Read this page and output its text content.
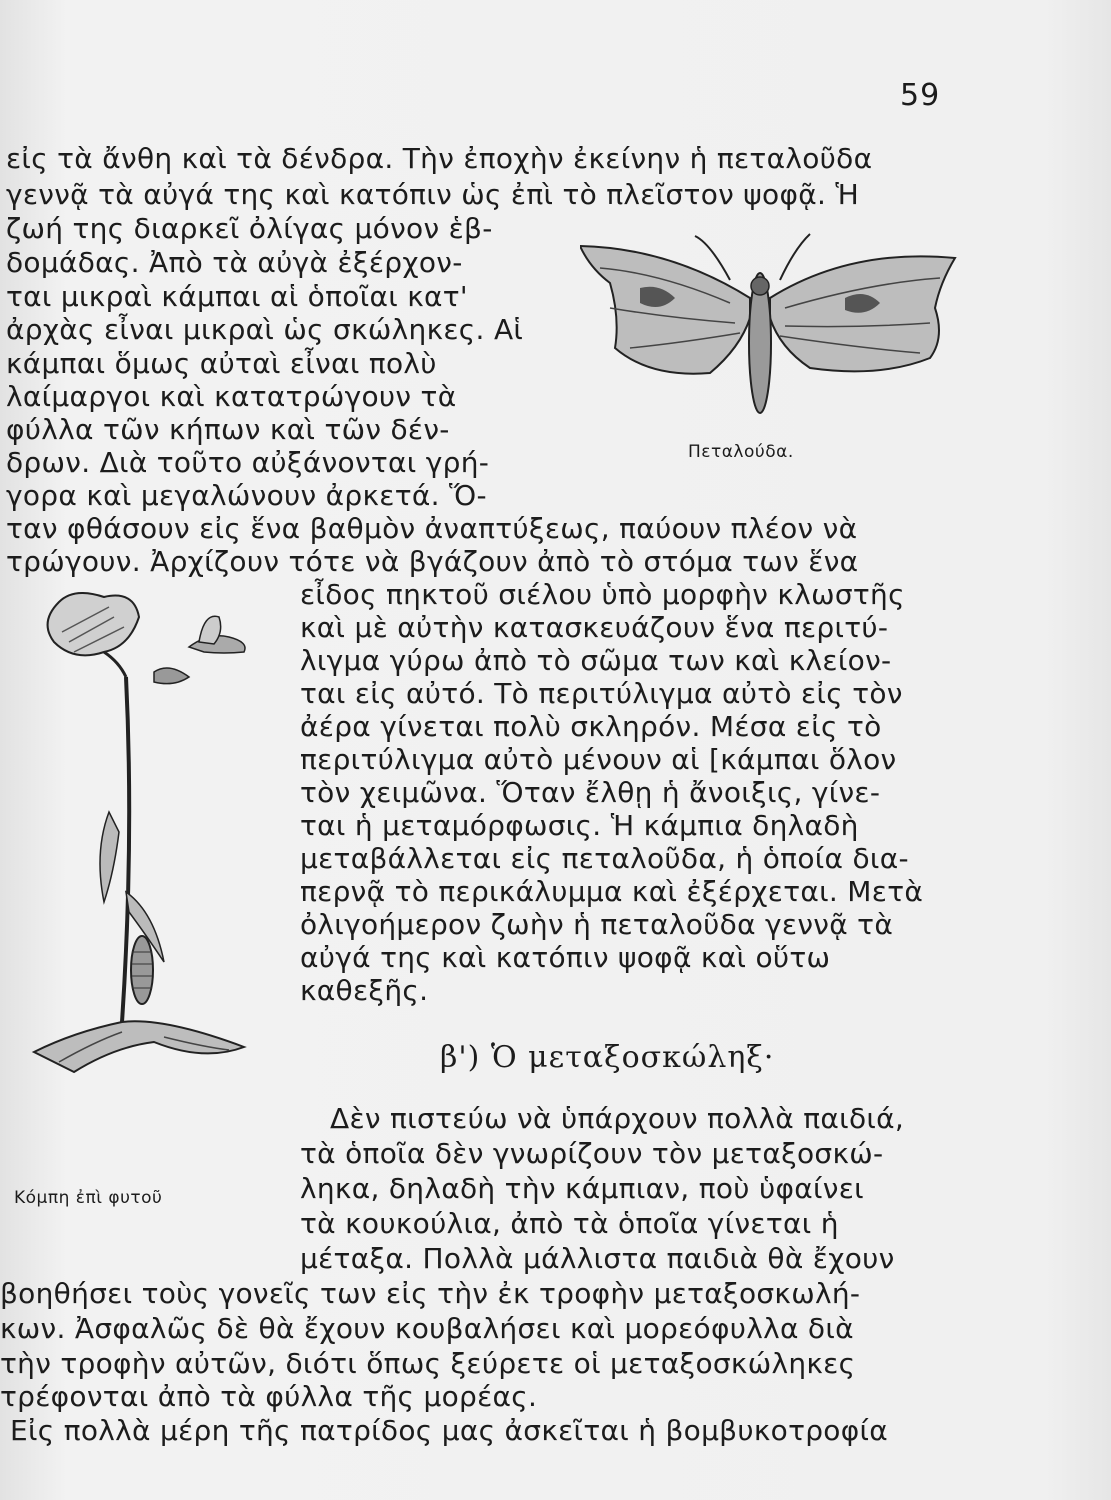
59
εἰς τὰ ἄνθη καὶ τὰ δένδρα. Τὴν ἐποχὴν ἐκείνην ἡ πεταλοῦδα
γεννᾷ τὰ αὐγά της καὶ κατόπιν ὡς ἐπὶ τὸ πλεῖστον ψοφᾷ. Ἡ
ζωή της διαρκεῖ ὀλίγας μόνον ἑβ-
δομάδας. Ἀπὸ τὰ αὐγὰ ἐξέρχον-
ται μικραὶ κάμπαι αἱ ὁποῖαι κατ'
ἀρχὰς εἶναι μικραὶ ὡς σκώληκες. Αἱ
κάμπαι ὅμως αὐταὶ εἶναι πολὺ
λαίμαργοι καὶ κατατρώγουν τὰ
φύλλα τῶν κήπων καὶ τῶν δέν-
δρων. Διὰ τοῦτο αὐξάνονται γρή-
γορα καὶ μεγαλώνουν ἀρκετά. Ὅ-
ταν φθάσουν εἰς ἕνα βαθμὸν ἀναπτύξεως, παύουν πλέον νὰ
τρώγουν. Ἀρχίζουν τότε νὰ βγάζουν ἀπὸ τὸ στόμα των ἕνα
Πεταλούδα.
Κόμπη ἐπὶ φυτοῦ
εἶδος πηκτοῦ σιέλου ὑπὸ μορφὴν κλωστῆς
καὶ μὲ αὐτὴν κατασκευάζουν ἕνα περιτύ-
λιγμα γύρω ἀπὸ τὸ σῶμα των καὶ κλείον-
ται εἰς αὐτό. Τὸ περιτύλιγμα αὐτὸ εἰς τὸν
ἀέρα γίνεται πολὺ σκληρόν. Μέσα εἰς τὸ
περιτύλιγμα αὐτὸ μένουν αἱ [κάμπαι ὅλον
τὸν χειμῶνα. Ὅταν ἔλθῃ ἡ ἄνοιξις, γίνε-
ται ἡ μεταμόρφωσις. Ἡ κάμπια δηλαδὴ
μεταβάλλεται εἰς πεταλοῦδα, ἡ ὁποία δια-
περνᾷ τὸ περικάλυμμα καὶ ἐξέρχεται. Μετὰ
ὀλιγοήμερον ζωὴν ἡ πεταλοῦδα γεννᾷ τὰ
αὐγά της καὶ κατόπιν ψοφᾷ καὶ οὕτω
καθεξῆς.
β') Ὁ μεταξοσκώληξ·
Δὲν πιστεύω νὰ ὑπάρχουν πολλὰ παιδιά,
τὰ ὁποῖα δὲν γνωρίζουν τὸν μεταξοσκώ-
ληκα, δηλαδὴ τὴν κάμπιαν, ποὺ ὑφαίνει
τὰ κουκούλια, ἀπὸ τὰ ὁποῖα γίνεται ἡ
μέταξα. Πολλὰ μάλλιστα παιδιὰ θὰ ἔχουν
βοηθήσει τοὺς γονεῖς των εἰς τὴν ἐκ τροφὴν μεταξοσκωλή-
κων. Ἀσφαλῶς δὲ θὰ ἔχουν κουβαλήσει καὶ μορεόφυλλα διὰ
τὴν τροφὴν αὐτῶν, διότι ὅπως ξεύρετε οἱ μεταξοσκώληκες
τρέφονται ἀπὸ τὰ φύλλα τῆς μορέας.
Εἰς πολλὰ μέρη τῆς πατρίδος μας ἀσκεῖται ἡ βομβυκοτροφία
